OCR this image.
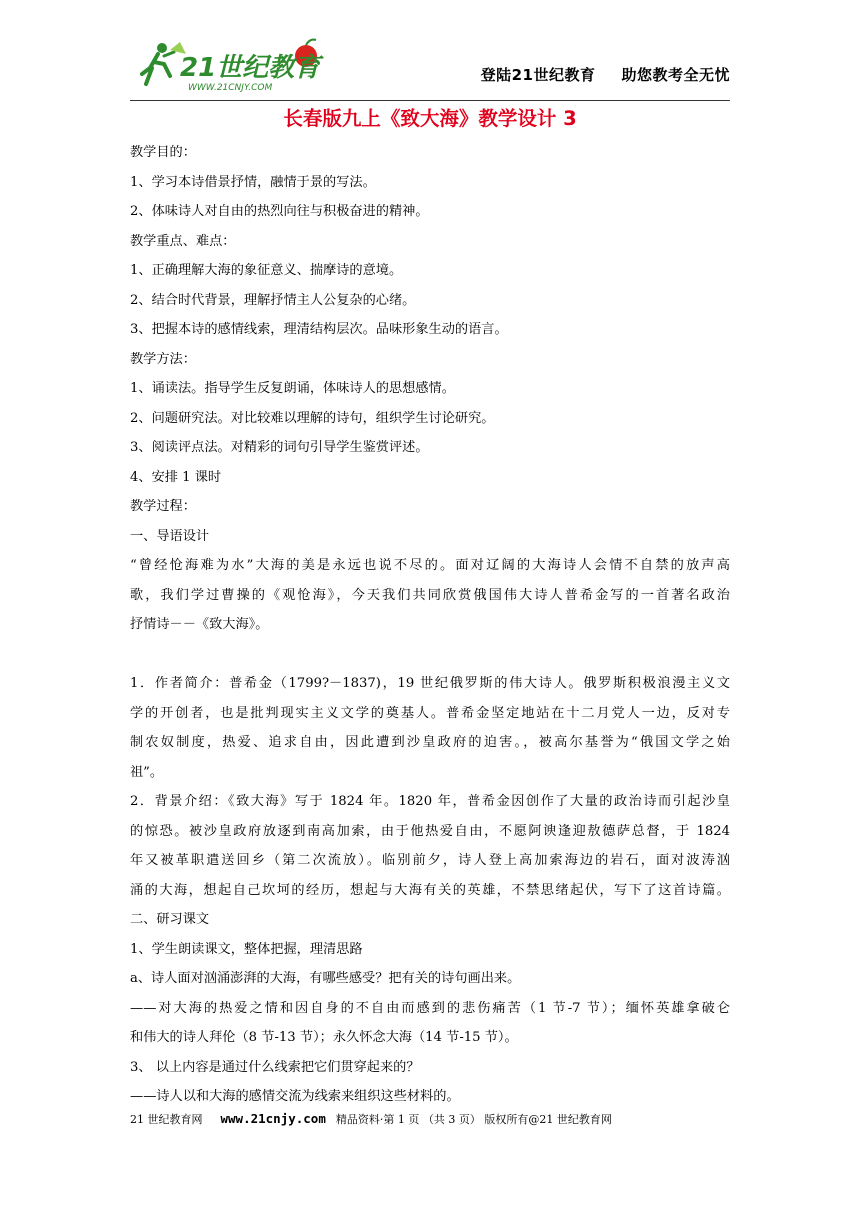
21世纪教育
WWW.21CNJY.COM
登陆21世纪教育 助您教考全无忧
长春版九上《致大海》教学设计 3
教学目的：
1、学习本诗借景抒情，融情于景的写法。
2、体味诗人对自由的热烈向往与积极奋进的精神。
教学重点、难点：
1、正确理解大海的象征意义、揣摩诗的意境。
2、结合时代背景，理解抒情主人公复杂的心绪。
3、把握本诗的感情线索，理清结构层次。品味形象生动的语言。
教学方法：
1、诵读法。指导学生反复朗诵，体味诗人的思想感情。
2、问题研究法。对比较难以理解的诗句，组织学生讨论研究。
3、阅读评点法。对精彩的词句引导学生鉴赏评述。
4、安排 1 课时
教学过程：
一、导语设计
“曾经怆海难为水”大海的美是永远也说不尽的。面对辽阔的大海诗人会情不自禁的放声高
歌，我们学过曹操的《观怆海》，今天我们共同欣赏俄国伟大诗人普希金写的一首著名政治
抒情诗－－《致大海》。
1．作者简介：普希金（1799?－1837)，19 世纪俄罗斯的伟大诗人。俄罗斯积极浪漫主义文
学的开创者，也是批判现实主义文学的奠基人。普希金坚定地站在十二月党人一边，反对专
制农奴制度，热爱、追求自由，因此遭到沙皇政府的迫害。，被高尔基誉为“俄国文学之始
祖”。
2．背景介绍：《致大海》写于 1824 年。1820 年，普希金因创作了大量的政治诗而引起沙皇
的惊恐。被沙皇政府放逐到南高加索，由于他热爱自由，不愿阿谀逢迎敖德萨总督，于 1824
年又被革职遣送回乡（第二次流放）。临别前夕，诗人登上高加索海边的岩石，面对波涛汹
涌的大海，想起自己坎坷的经历，想起与大海有关的英雄，不禁思绪起伏，写下了这首诗篇。
二、研习课文
1、学生朗读课文，整体把握，理清思路
a、诗人面对汹涌澎湃的大海，有哪些感受？把有关的诗句画出来。
——对大海的热爱之情和因自身的不自由而感到的悲伤痛苦（1 节-7 节）；缅怀英雄拿破仑
和伟大的诗人拜伦（8 节-13 节）；永久怀念大海（14 节-15 节）。
3、 以上内容是通过什么线索把它们贯穿起来的？
——诗人以和大海的感情交流为线索来组织这些材料的。
21 世纪教育网 www.21cnjy.com 精品资料·第 1 页 （共 3 页） 版权所有@21 世纪教育网
